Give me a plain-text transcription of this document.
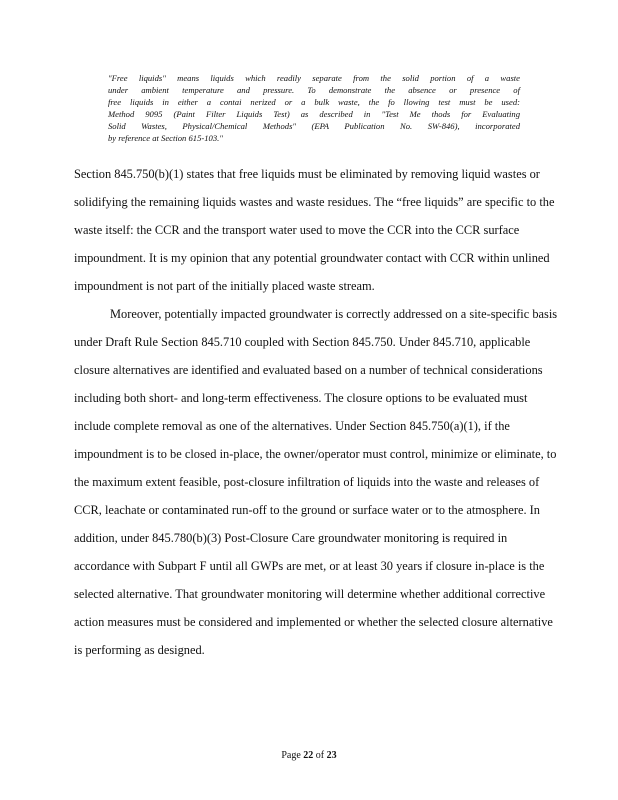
"Free liquids" means liquids which readily separate from the solid portion of a waste
under ambient temperature and pressure. To demonstrate the absence or presence of
free liquids in either a contai nerized or a bulk waste, the fo llowing test must be used:
Method 9095 (Paint Filter Liquids Test) as described in "Test Me thods for Evaluating
Solid Wastes, Physical/Chemical Methods" (EPA Publication No. SW-846), incorporated
by reference at Section 615-103."
Section 845.750(b)(1) states that free liquids must be eliminated by removing liquid wastes or
solidifying the remaining liquids wastes and waste residues. The “free liquids” are specific to the
waste itself: the CCR and the transport water used to move the CCR into the CCR surface
impoundment. It is my opinion that any potential groundwater contact with CCR within unlined
impoundment is not part of the initially placed waste stream.
Moreover, potentially impacted groundwater is correctly addressed on a site-specific basis
under Draft Rule Section 845.710 coupled with Section 845.750. Under 845.710, applicable
closure alternatives are identified and evaluated based on a number of technical considerations
including both short- and long-term effectiveness. The closure options to be evaluated must
include complete removal as one of the alternatives. Under Section 845.750(a)(1), if the
impoundment is to be closed in-place, the owner/operator must control, minimize or eliminate, to
the maximum extent feasible, post-closure infiltration of liquids into the waste and releases of
CCR, leachate or contaminated run-off to the ground or surface water or to the atmosphere. In
addition, under 845.780(b)(3) Post-Closure Care groundwater monitoring is required in
accordance with Subpart F until all GWPs are met, or at least 30 years if closure in-place is the
selected alternative. That groundwater monitoring will determine whether additional corrective
action measures must be considered and implemented or whether the selected closure alternative
is performing as designed.
Page 22 of 23
